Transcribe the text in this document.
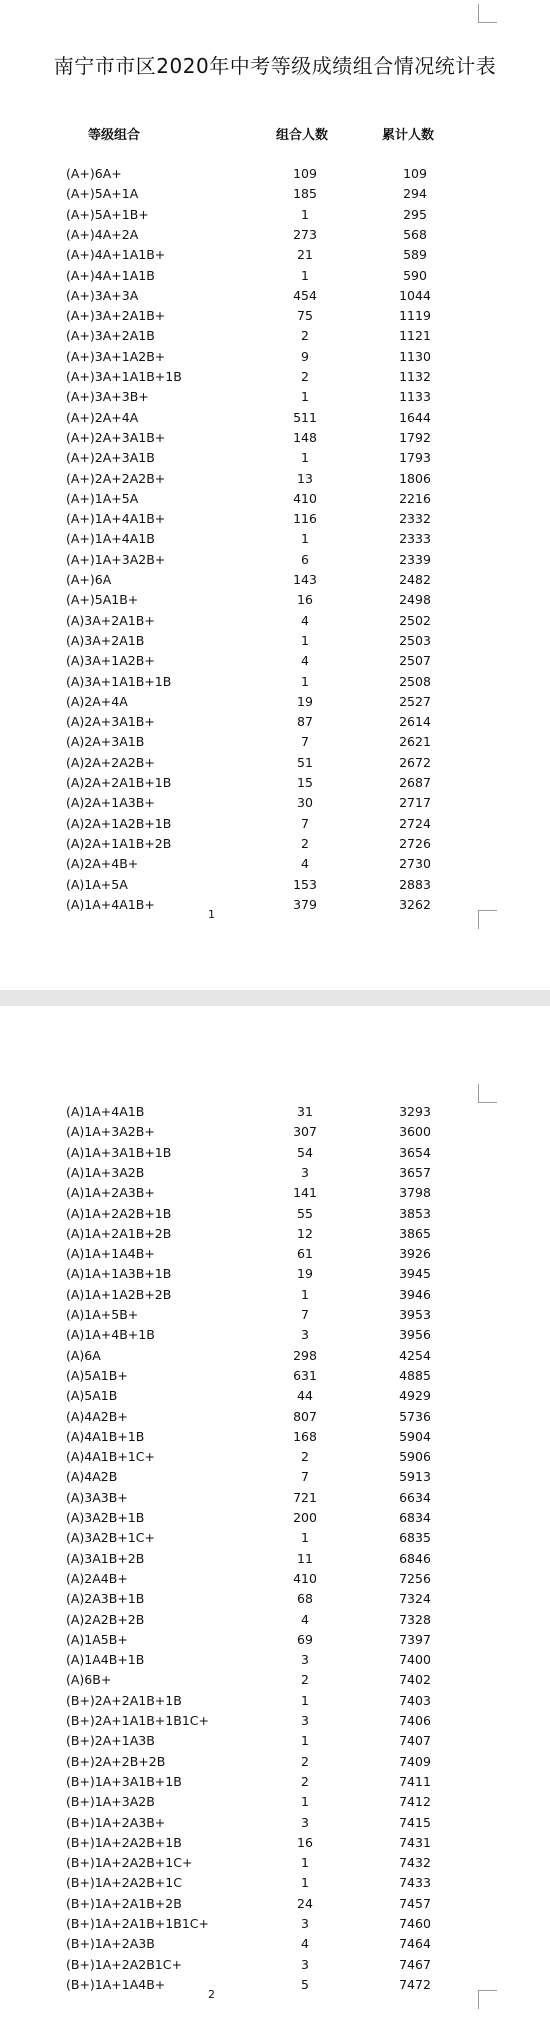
南宁市市区2020年中考等级成绩组合情况统计表
等级组合	组合人数	累计人数
(A+)6A+	109	109
(A+)5A+1A	185	294
(A+)5A+1B+	1	295
(A+)4A+2A	273	568
(A+)4A+1A1B+	21	589
(A+)4A+1A1B	1	590
(A+)3A+3A	454	1044
(A+)3A+2A1B+	75	1119
(A+)3A+2A1B	2	1121
(A+)3A+1A2B+	9	1130
(A+)3A+1A1B+1B	2	1132
(A+)3A+3B+	1	1133
(A+)2A+4A	511	1644
(A+)2A+3A1B+	148	1792
(A+)2A+3A1B	1	1793
(A+)2A+2A2B+	13	1806
(A+)1A+5A	410	2216
(A+)1A+4A1B+	116	2332
(A+)1A+4A1B	1	2333
(A+)1A+3A2B+	6	2339
(A+)6A	143	2482
(A+)5A1B+	16	2498
(A)3A+2A1B+	4	2502
(A)3A+2A1B	1	2503
(A)3A+1A2B+	4	2507
(A)3A+1A1B+1B	1	2508
(A)2A+4A	19	2527
(A)2A+3A1B+	87	2614
(A)2A+3A1B	7	2621
(A)2A+2A2B+	51	2672
(A)2A+2A1B+1B	15	2687
(A)2A+1A3B+	30	2717
(A)2A+1A2B+1B	7	2724
(A)2A+1A1B+2B	2	2726
(A)2A+4B+	4	2730
(A)1A+5A	153	2883
(A)1A+4A1B+	379	3262
1
(A)1A+4A1B	31	3293
(A)1A+3A2B+	307	3600
(A)1A+3A1B+1B	54	3654
(A)1A+3A2B	3	3657
(A)1A+2A3B+	141	3798
(A)1A+2A2B+1B	55	3853
(A)1A+2A1B+2B	12	3865
(A)1A+1A4B+	61	3926
(A)1A+1A3B+1B	19	3945
(A)1A+1A2B+2B	1	3946
(A)1A+5B+	7	3953
(A)1A+4B+1B	3	3956
(A)6A	298	4254
(A)5A1B+	631	4885
(A)5A1B	44	4929
(A)4A2B+	807	5736
(A)4A1B+1B	168	5904
(A)4A1B+1C+	2	5906
(A)4A2B	7	5913
(A)3A3B+	721	6634
(A)3A2B+1B	200	6834
(A)3A2B+1C+	1	6835
(A)3A1B+2B	11	6846
(A)2A4B+	410	7256
(A)2A3B+1B	68	7324
(A)2A2B+2B	4	7328
(A)1A5B+	69	7397
(A)1A4B+1B	3	7400
(A)6B+	2	7402
(B+)2A+2A1B+1B	1	7403
(B+)2A+1A1B+1B1C+	3	7406
(B+)2A+1A3B	1	7407
(B+)2A+2B+2B	2	7409
(B+)1A+3A1B+1B	2	7411
(B+)1A+3A2B	1	7412
(B+)1A+2A3B+	3	7415
(B+)1A+2A2B+1B	16	7431
(B+)1A+2A2B+1C+	1	7432
(B+)1A+2A2B+1C	1	7433
(B+)1A+2A1B+2B	24	7457
(B+)1A+2A1B+1B1C+	3	7460
(B+)1A+2A3B	4	7464
(B+)1A+2A2B1C+	3	7467
(B+)1A+1A4B+	5	7472
2
